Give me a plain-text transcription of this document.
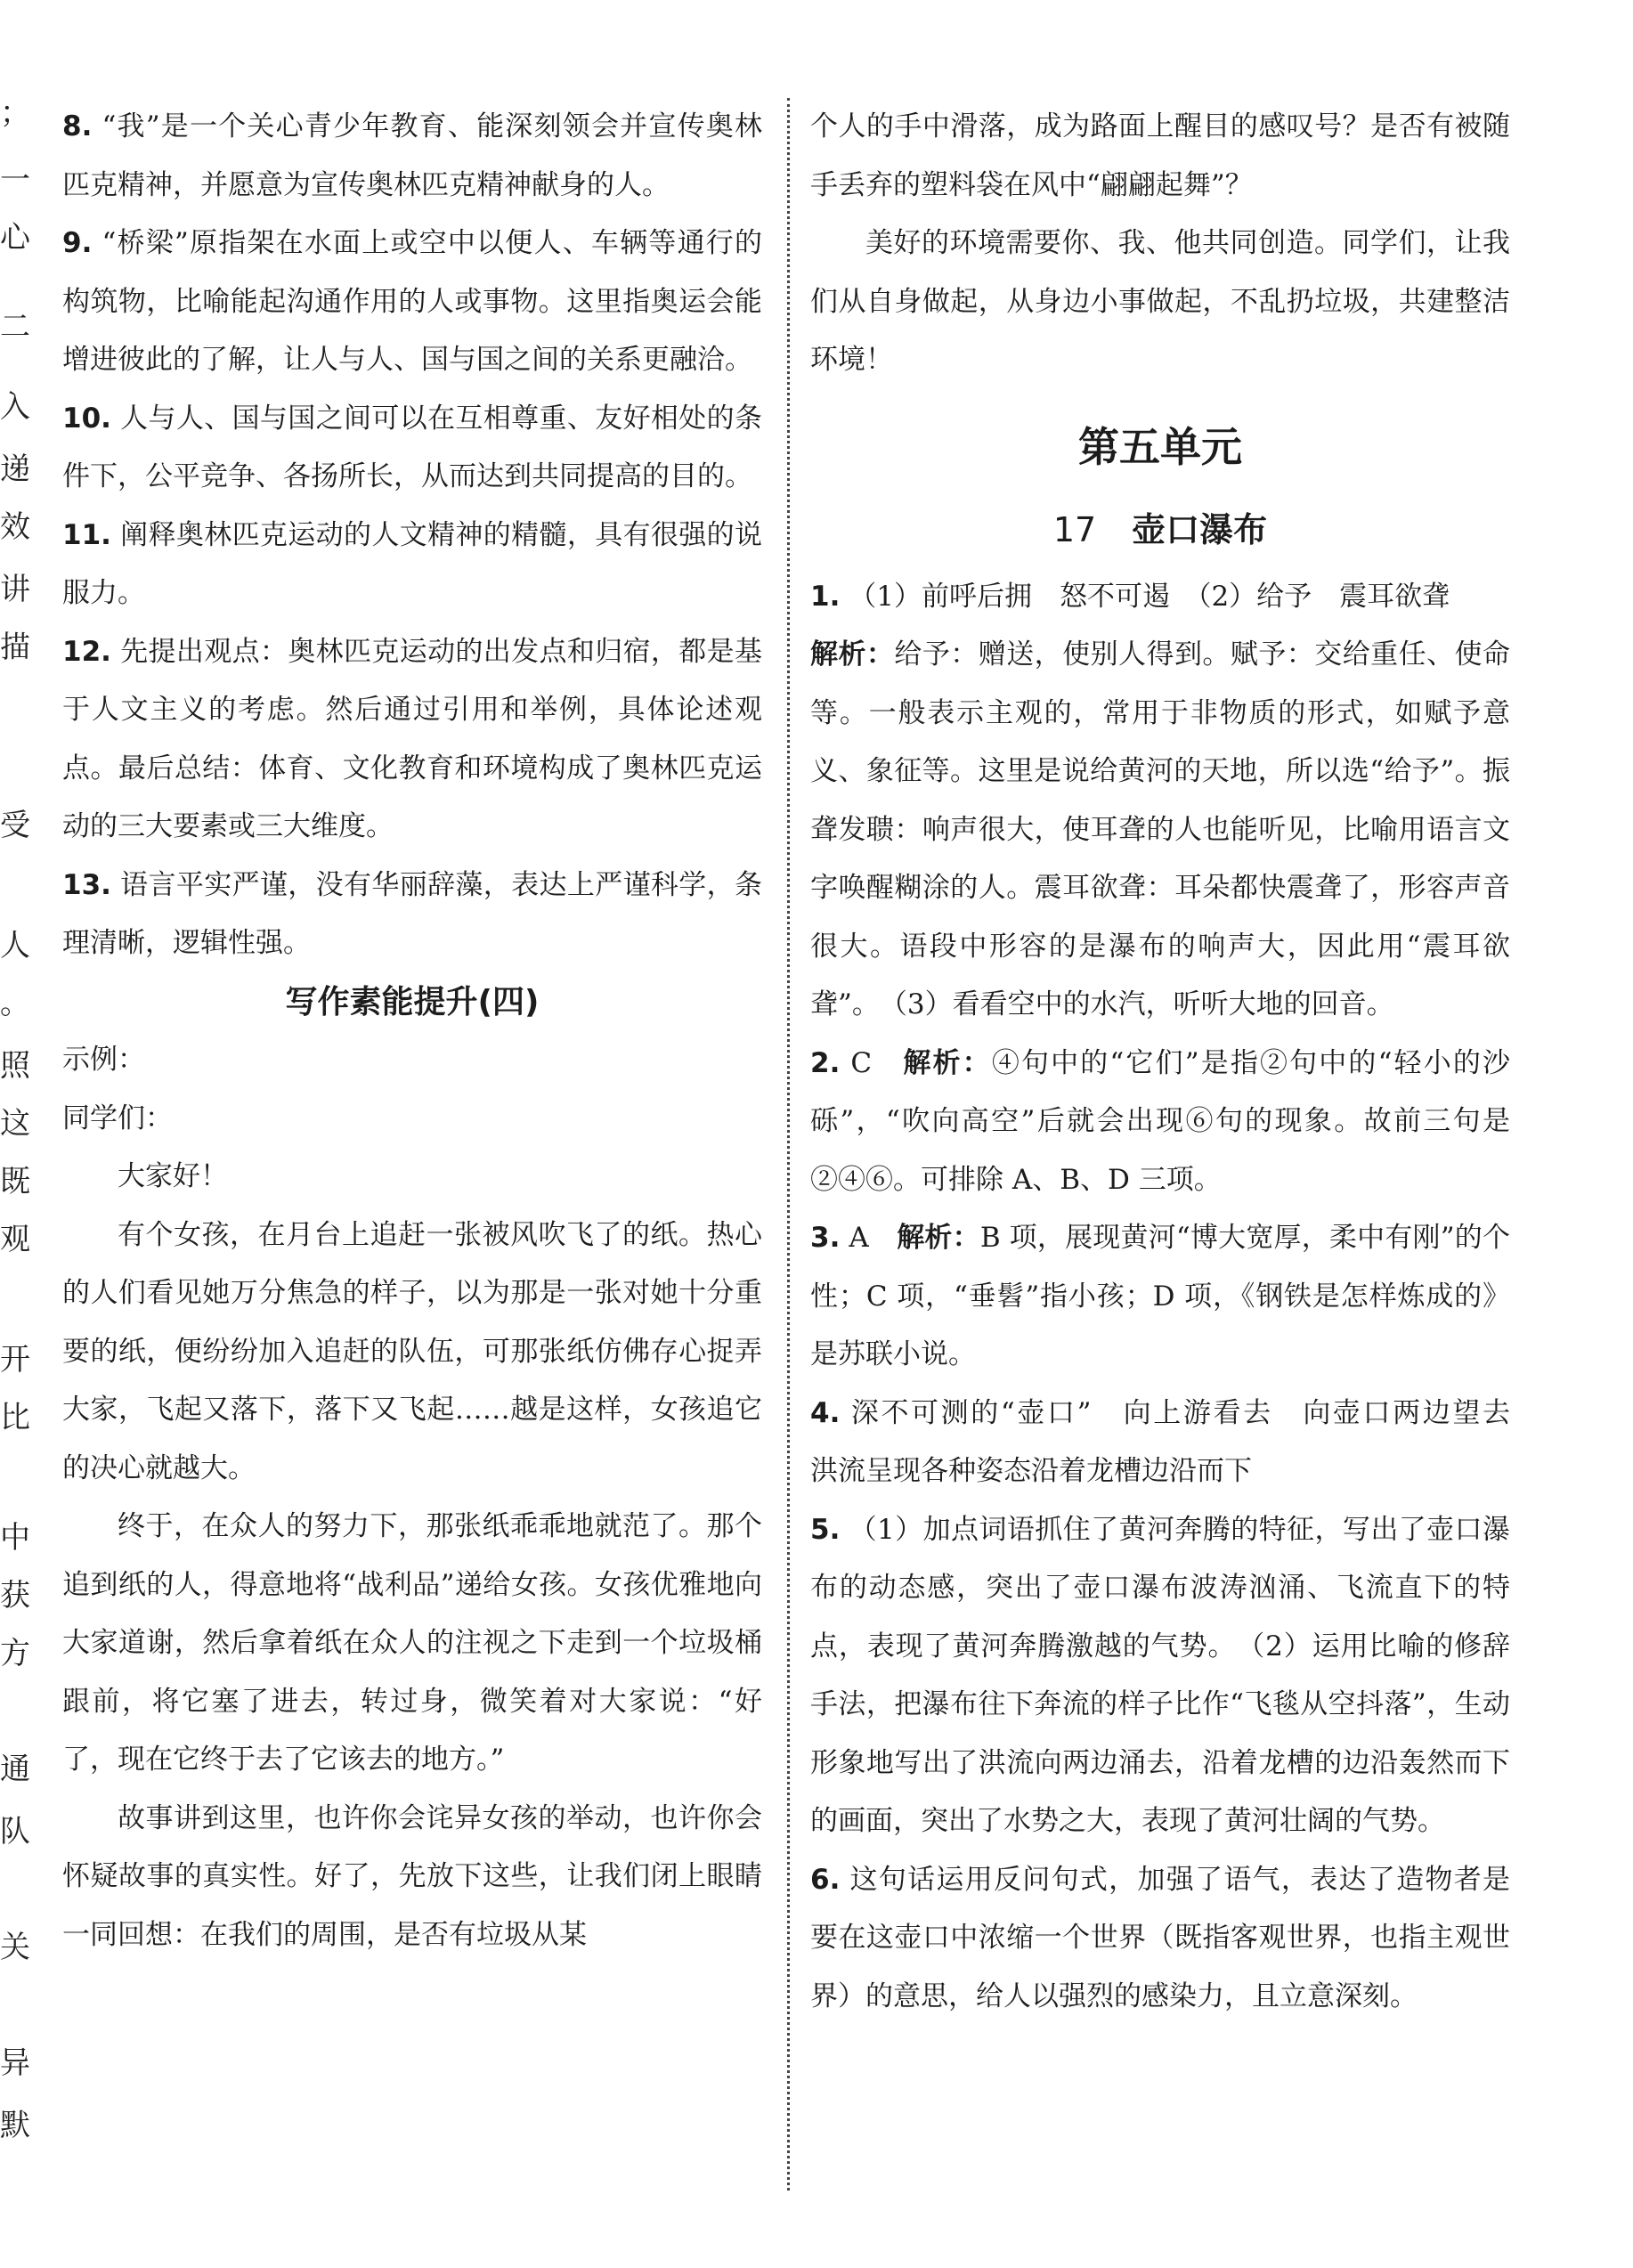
；
一
心
二
入
递
效
讲
描
受
人
。
照
这
既
观
开
比
中
获
方
通
队
关
异
默

8. “我”是一个关心青少年教育、能深刻领会并宣传奥林匹克精神，并愿意为宣传奥林匹克精神献身的人。

9. “桥梁”原指架在水面上或空中以便人、车辆等通行的构筑物，比喻能起沟通作用的人或事物。这里指奥运会能增进彼此的了解，让人与人、国与国之间的关系更融洽。

10. 人与人、国与国之间可以在互相尊重、友好相处的条件下，公平竞争、各扬所长，从而达到共同提高的目的。

11. 阐释奥林匹克运动的人文精神的精髓，具有很强的说服力。

12. 先提出观点：奥林匹克运动的出发点和归宿，都是基于人文主义的考虑。然后通过引用和举例，具体论述观点。最后总结：体育、文化教育和环境构成了奥林匹克运动的三大要素或三大维度。

13. 语言平实严谨，没有华丽辞藻，表达上严谨科学，条理清晰，逻辑性强。

写作素能提升(四)

示例：

同学们：

大家好！

有个女孩，在月台上追赶一张被风吹飞了的纸。热心的人们看见她万分焦急的样子，以为那是一张对她十分重要的纸，便纷纷加入追赶的队伍，可那张纸仿佛存心捉弄大家，飞起又落下，落下又飞起……越是这样，女孩追它的决心就越大。

终于，在众人的努力下，那张纸乖乖地就范了。那个追到纸的人，得意地将“战利品”递给女孩。女孩优雅地向大家道谢，然后拿着纸在众人的注视之下走到一个垃圾桶跟前，将它塞了进去，转过身，微笑着对大家说：“好了，现在它终于去了它该去的地方。”

故事讲到这里，也许你会诧异女孩的举动，也许你会怀疑故事的真实性。好了，先放下这些，让我们闭上眼睛一同回想：在我们的周围，是否有垃圾从某

个人的手中滑落，成为路面上醒目的感叹号？是否有被随手丢弃的塑料袋在风中“翩翩起舞”？

美好的环境需要你、我、他共同创造。同学们，让我们从自身做起，从身边小事做起，不乱扔垃圾，共建整洁环境！

第五单元
17 壶口瀑布

1. （1）前呼后拥　怒不可遏　（2）给予　震耳欲聋
解析：给予：赠送，使别人得到。赋予：交给重任、使命等。一般表示主观的，常用于非物质的形式，如赋予意义、象征等。这里是说给黄河的天地，所以选“给予”。振聋发聩：响声很大，使耳聋的人也能听见，比喻用语言文字唤醒糊涂的人。震耳欲聋：耳朵都快震聋了，形容声音很大。语段中形容的是瀑布的响声大，因此用“震耳欲聋”。　（3）看看空中的水汽，听听大地的回音。

2. C　 解析：④句中的“它们”是指②句中的“轻小的沙砾”，“吹向高空”后就会出现⑥句的现象。故前三句是②④⑥。可排除 A、B、D 三项。

3. A　 解析：B 项，展现黄河“博大宽厚，柔中有刚”的个性；C 项，“垂髫”指小孩；D 项，《钢铁是怎样炼成的》是苏联小说。

4. 深不可测的“壶口”　向上游看去　向壶口两边望去　洪流呈现各种姿态沿着龙槽边沿而下

5. （1）加点词语抓住了黄河奔腾的特征，写出了壶口瀑布的动态感，突出了壶口瀑布波涛汹涌、飞流直下的特点，表现了黄河奔腾激越的气势。　（2）运用比喻的修辞手法，把瀑布往下奔流的样子比作“飞毯从空抖落”，生动形象地写出了洪流向两边涌去，沿着龙槽的边沿轰然而下的画面，突出了水势之大，表现了黄河壮阔的气势。

6. 这句话运用反问句式，加强了语气，表达了造物者是要在这壶口中浓缩一个世界（既指客观世界，也指主观世界）的意思，给人以强烈的感染力，且立意深刻。
